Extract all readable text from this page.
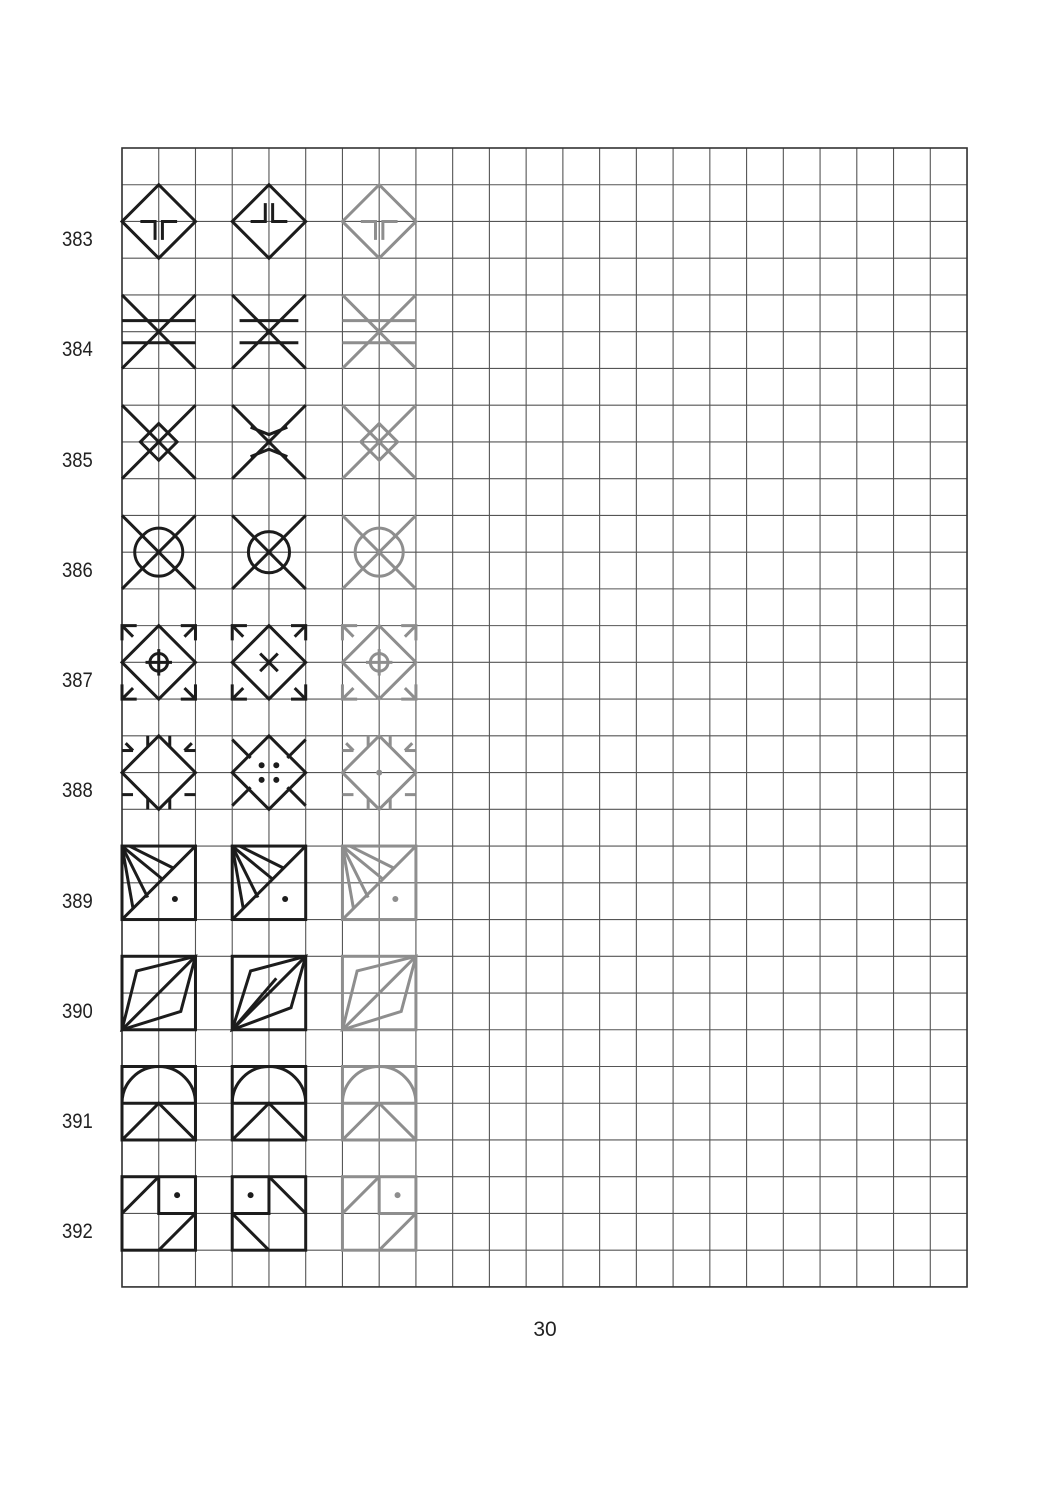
383
384
385
386
387
388
389
390
391
392
30
